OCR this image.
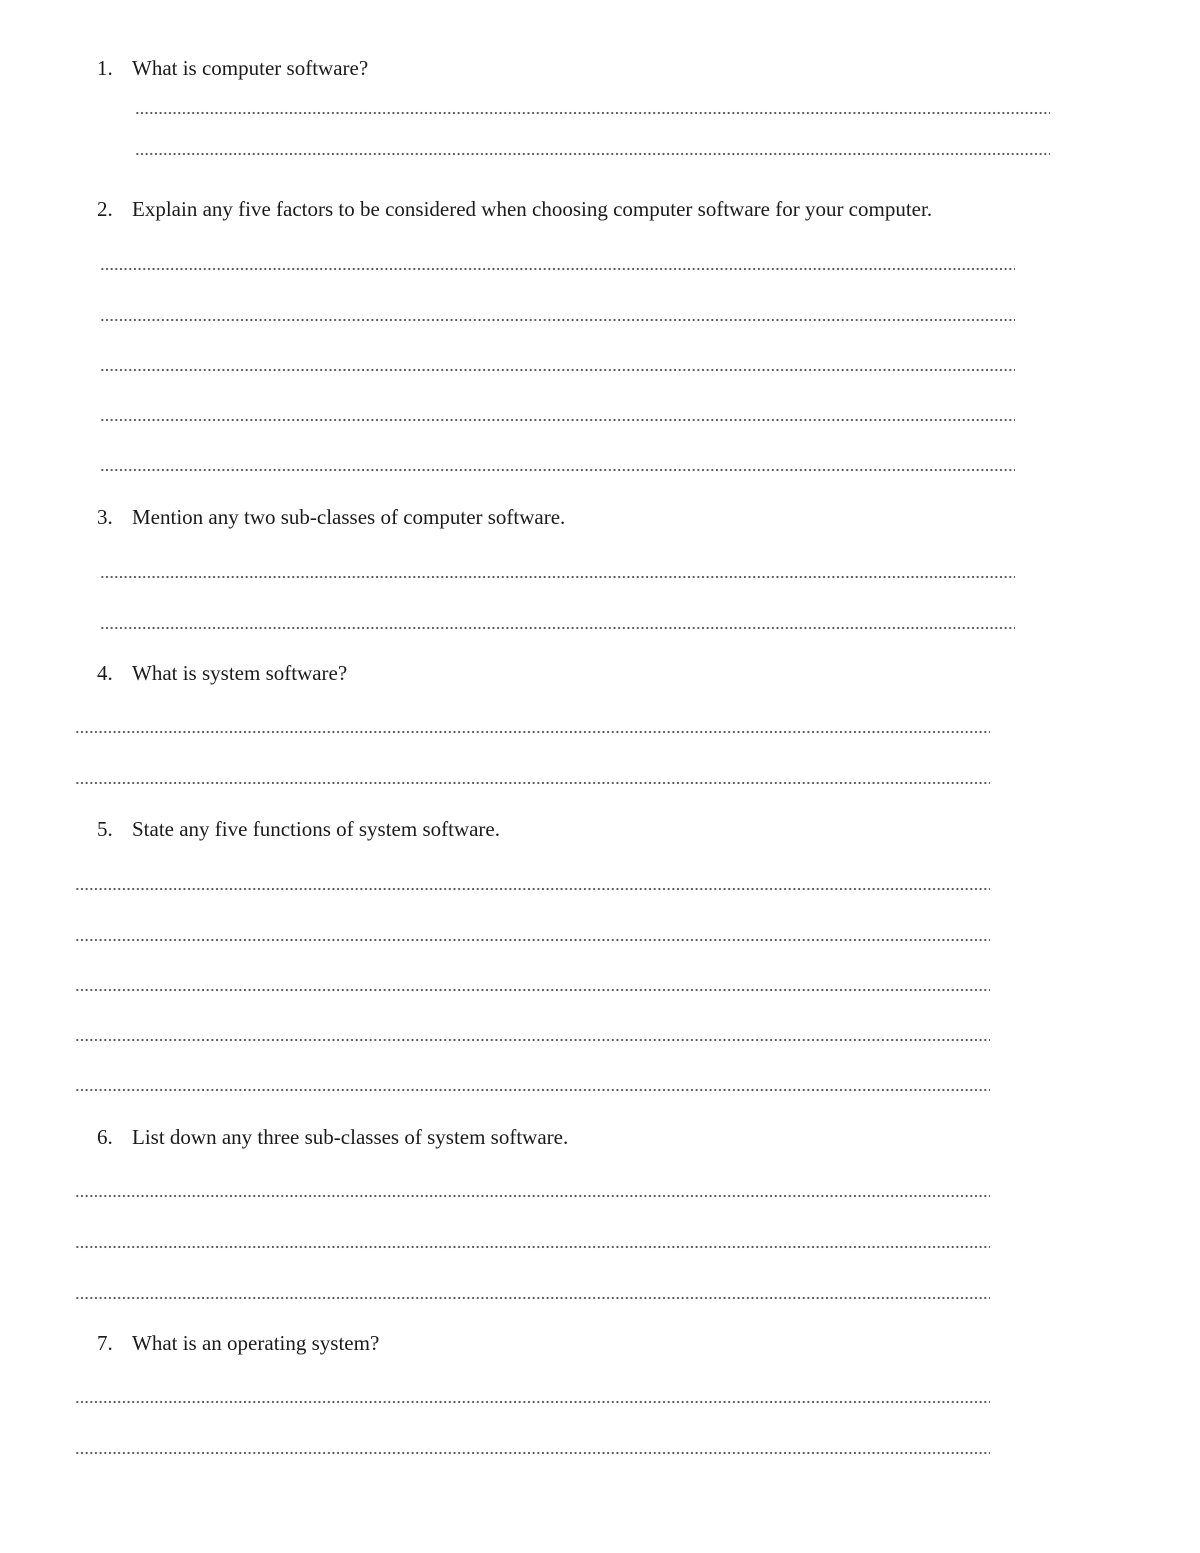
1. What is computer software?
2. Explain any five factors to be considered when choosing computer software for your computer.
3. Mention any two sub-classes of computer software.
4. What is system software?
5. State any five functions of system software.
6. List down any three sub-classes of system software.
7. What is an operating system?
